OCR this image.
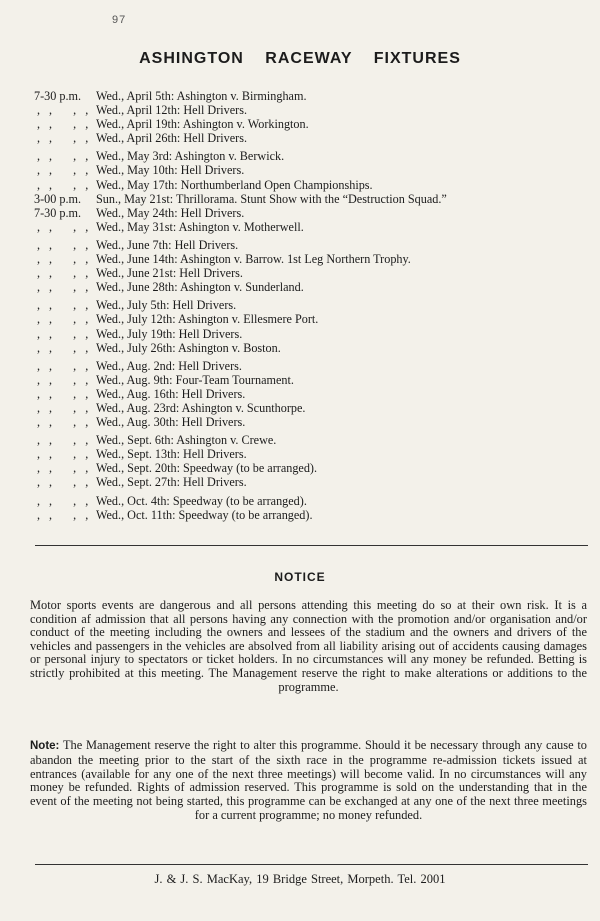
97
ASHINGTON RACEWAY FIXTURES
7-30 p.m. Wed., April 5th: Ashington v. Birmingham.
,, ,,
Wed., April 12th: Hell Drivers.
,, ,,
Wed., April 19th: Ashington v. Workington.
,, ,,
Wed., April 26th: Hell Drivers.
,, ,,
Wed., May 3rd: Ashington v. Berwick.
,, ,,
Wed., May 10th: Hell Drivers.
,, ,,
Wed., May 17th: Northumberland Open Championships.
3-00 p.m. Sun., May 21st: Thrillorama. Stunt Show with the “Destruction Squad.”
7-30 p.m. Wed., May 24th: Hell Drivers.
,, ,,
Wed., May 31st: Ashington v. Motherwell.
,, ,,
Wed., June 7th: Hell Drivers.
,, ,,
Wed., June 14th: Ashington v. Barrow. 1st Leg Northern Trophy.
,, ,,
Wed., June 21st: Hell Drivers.
,, ,,
Wed., June 28th: Ashington v. Sunderland.
,, ,,
Wed., July 5th: Hell Drivers.
,, ,,
Wed., July 12th: Ashington v. Ellesmere Port.
,, ,,
Wed., July 19th: Hell Drivers.
,, ,,
Wed., July 26th: Ashington v. Boston.
,, ,,
Wed., Aug. 2nd: Hell Drivers.
,, ,,
Wed., Aug. 9th: Four-Team Tournament.
,, ,,
Wed., Aug. 16th: Hell Drivers.
,, ,,
Wed., Aug. 23rd: Ashington v. Scunthorpe.
,, ,,
Wed., Aug. 30th: Hell Drivers.
,, ,,
Wed., Sept. 6th: Ashington v. Crewe.
,, ,,
Wed., Sept. 13th: Hell Drivers.
,, ,,
Wed., Sept. 20th: Speedway (to be arranged).
,, ,,
Wed., Sept. 27th: Hell Drivers.
,, ,,
Wed., Oct. 4th: Speedway (to be arranged).
,, ,,
Wed., Oct. 11th: Speedway (to be arranged).
NOTICE
Motor sports events are dangerous and all persons attending this meeting do so at their own risk. It is a condition af admission that all persons having any connection with the promotion and/or organisation and/or conduct of the meeting including the owners and lessees of the stadium and the owners and drivers of the vehicles and passengers in the vehicles are absolved from all liability arising out of accidents causing damages or personal injury to spectators or ticket holders. In no circumstances will any money be refunded. Betting is strictly prohibited at this meeting. The Management reserve the right to make alterations or additions to the programme.
Note: The Management reserve the right to alter this programme. Should it be necessary through any cause to abandon the meeting prior to the start of the sixth race in the programme re-admission tickets issued at entrances (available for any one of the next three meetings) will become valid. In no circumstances will any money be refunded. Rights of admission reserved. This programme is sold on the understanding that in the event of the meeting not being started, this programme can be exchanged at any one of the next three meetings for a current programme; no money refunded.
J. & J. S. MacKay, 19 Bridge Street, Morpeth. Tel. 2001
